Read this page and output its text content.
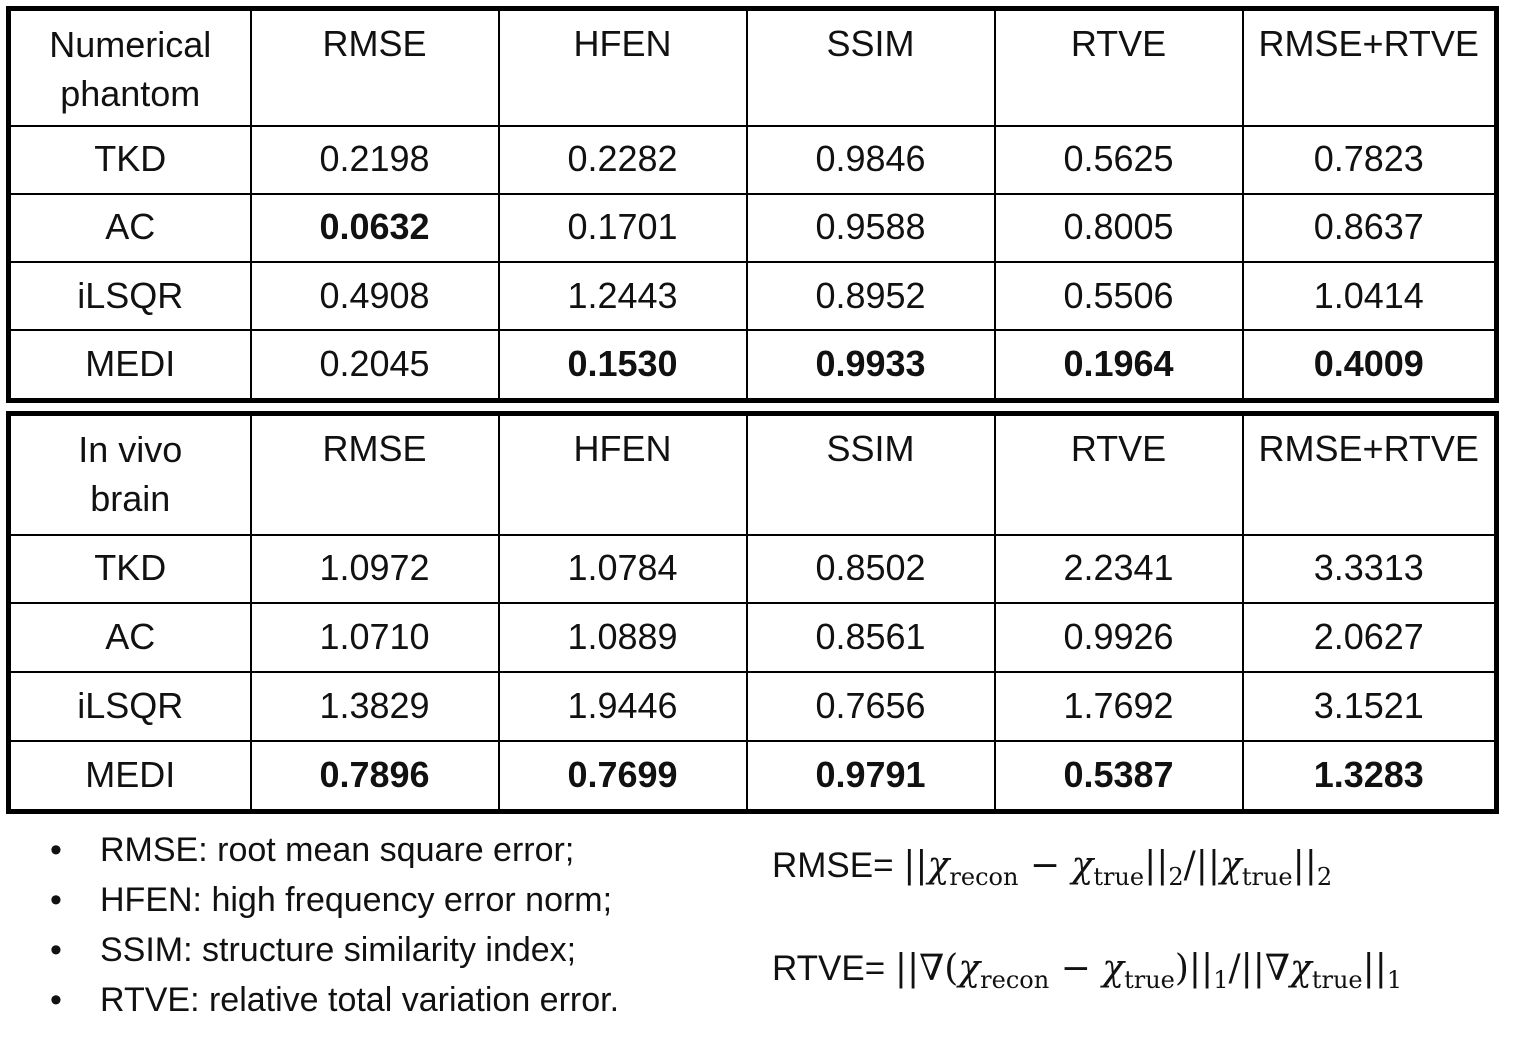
Numerical
phantom	RMSE	HFEN	SSIM	RTVE	RMSE+RTVE
TKD	0.2198	0.2282	0.9846	0.5625	0.7823
AC	0.0632	0.1701	0.9588	0.8005	0.8637
iLSQR	0.4908	1.2443	0.8952	0.5506	1.0414
MEDI	0.2045	0.1530	0.9933	0.1964	0.4009
In vivo
brain	RMSE	HFEN	SSIM	RTVE	RMSE+RTVE
TKD	1.0972	1.0784	0.8502	2.2341	3.3313
AC	1.0710	1.0889	0.8561	0.9926	2.0627
iLSQR	1.3829	1.9446	0.7656	1.7692	3.1521
MEDI	0.7896	0.7699	0.9791	0.5387	1.3283
• RMSE: root mean square error;
• HFEN: high frequency error norm;
• SSIM: structure similarity index;
• RTVE: relative total variation error.
RMSE= $||\chi_{recon} - \chi_{true}||_2/||\chi_{true}||_2$
RTVE= $||\nabla(\chi_{recon} - \chi_{true})||_1/||\nabla\chi_{true}||_1$
